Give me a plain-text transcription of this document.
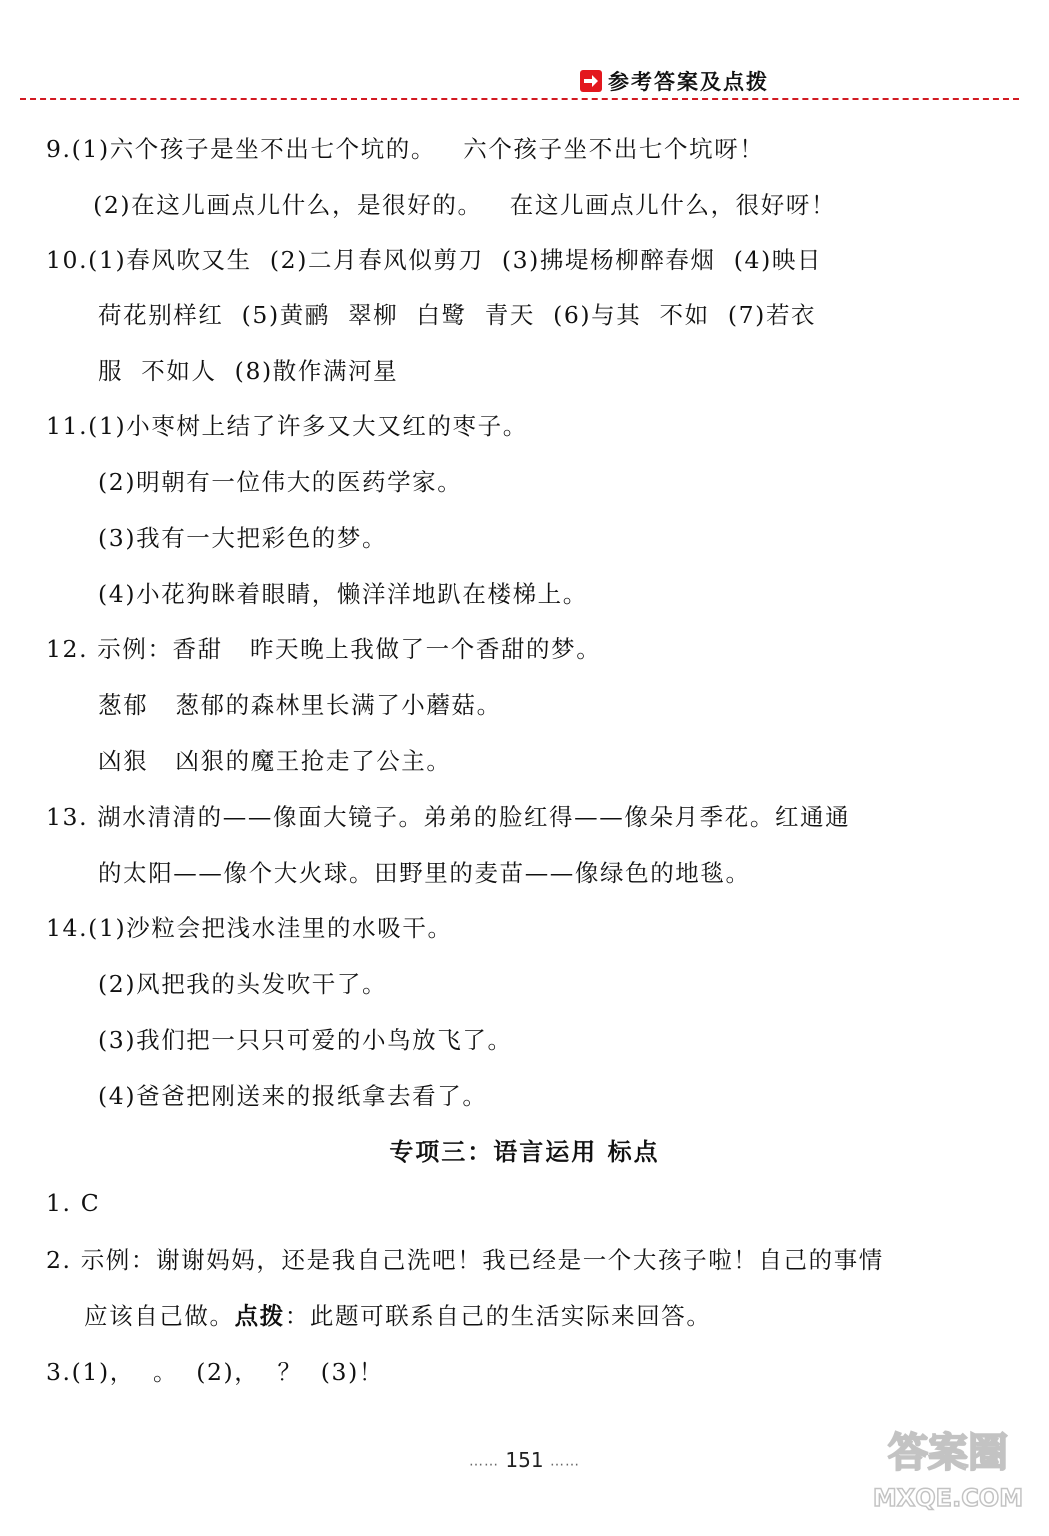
参考答案及点拨
9.(1)六个孩子是坐不出七个坑的。   六个孩子坐不出七个坑呀！
(2)在这儿画点儿什么，是很好的。   在这儿画点儿什么，很好呀！
10.(1)春风吹又生  (2)二月春风似剪刀  (3)拂堤杨柳醉春烟  (4)映日
荷花别样红  (5)黄鹂  翠柳  白鹭  青天  (6)与其  不如  (7)若衣
服  不如人  (8)散作满河星
11.(1)小枣树上结了许多又大又红的枣子。
(2)明朝有一位伟大的医药学家。
(3)我有一大把彩色的梦。
(4)小花狗眯着眼睛，懒洋洋地趴在楼梯上。
12. 示例：香甜   昨天晚上我做了一个香甜的梦。
葱郁   葱郁的森林里长满了小蘑菇。
凶狠   凶狠的魔王抢走了公主。
13. 湖水清清的——像面大镜子。弟弟的脸红得——像朵月季花。红通通
的太阳——像个大火球。田野里的麦苗——像绿色的地毯。
14.(1)沙粒会把浅水洼里的水吸干。
(2)风把我的头发吹干了。
(3)我们把一只只可爱的小鸟放飞了。
(4)爸爸把刚送来的报纸拿去看了。
专项三：语言运用 标点
1. C
2. 示例：谢谢妈妈，还是我自己洗吧！我已经是一个大孩子啦！自己的事情
应该自己做。点拨：此题可联系自己的生活实际来回答。
3.(1)，  。  (2)，  ？  (3)！
…… 151 ……	答案圈
MXQE.COM
